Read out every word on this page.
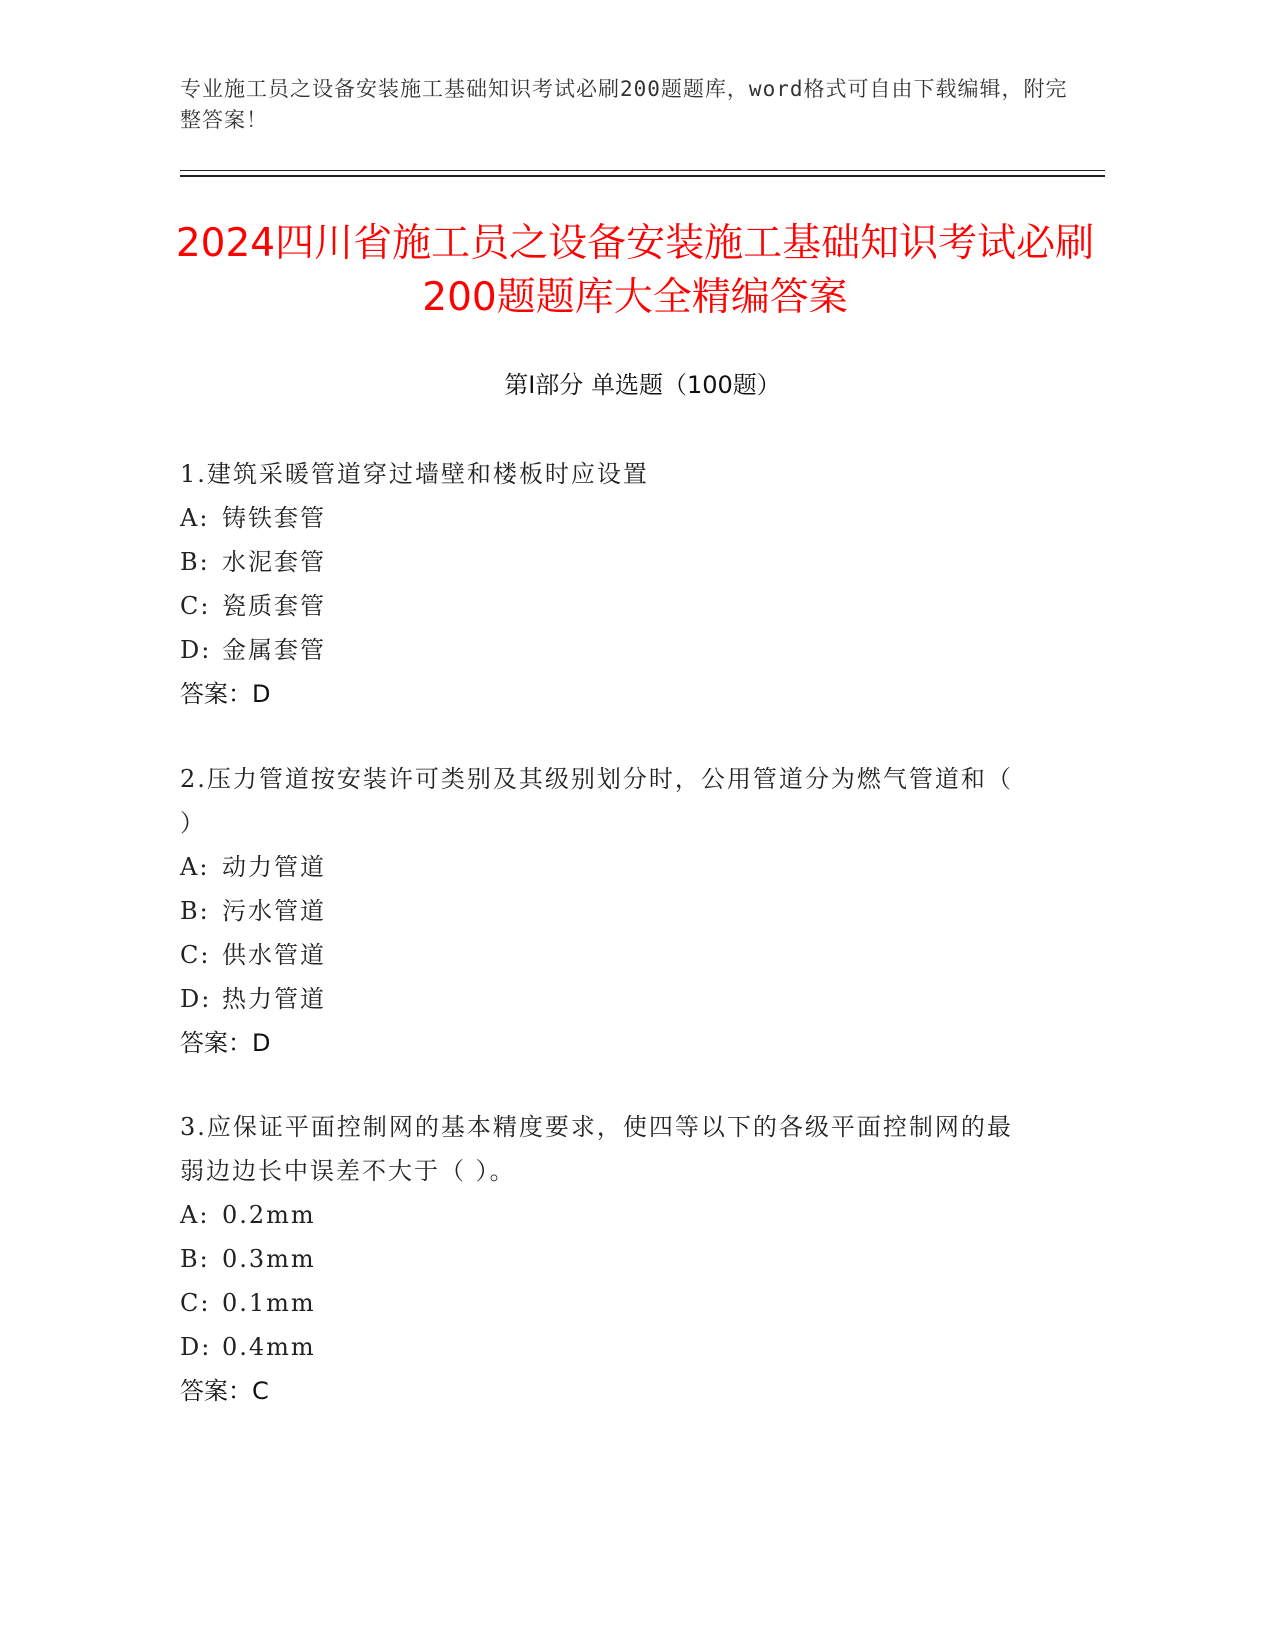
专业施工员之设备安装施工基础知识考试必刷200题题库，word格式可自由下载编辑，附完整答案！
2024四川省施工员之设备安装施工基础知识考试必刷200题题库大全精编答案
第Ⅰ部分 单选题（100题）
1.建筑采暖管道穿过墙壁和楼板时应设置
A: 铸铁套管
B: 水泥套管
C: 瓷质套管
D: 金属套管
答案：D
2.压力管道按安装许可类别及其级别划分时，公用管道分为燃气管道和（ ）
A: 动力管道
B: 污水管道
C: 供水管道
D: 热力管道
答案：D
3.应保证平面控制网的基本精度要求，使四等以下的各级平面控制网的最弱边边长中误差不大于（ ）。
A: 0.2mm
B: 0.3mm
C: 0.1mm
D: 0.4mm
答案：C
